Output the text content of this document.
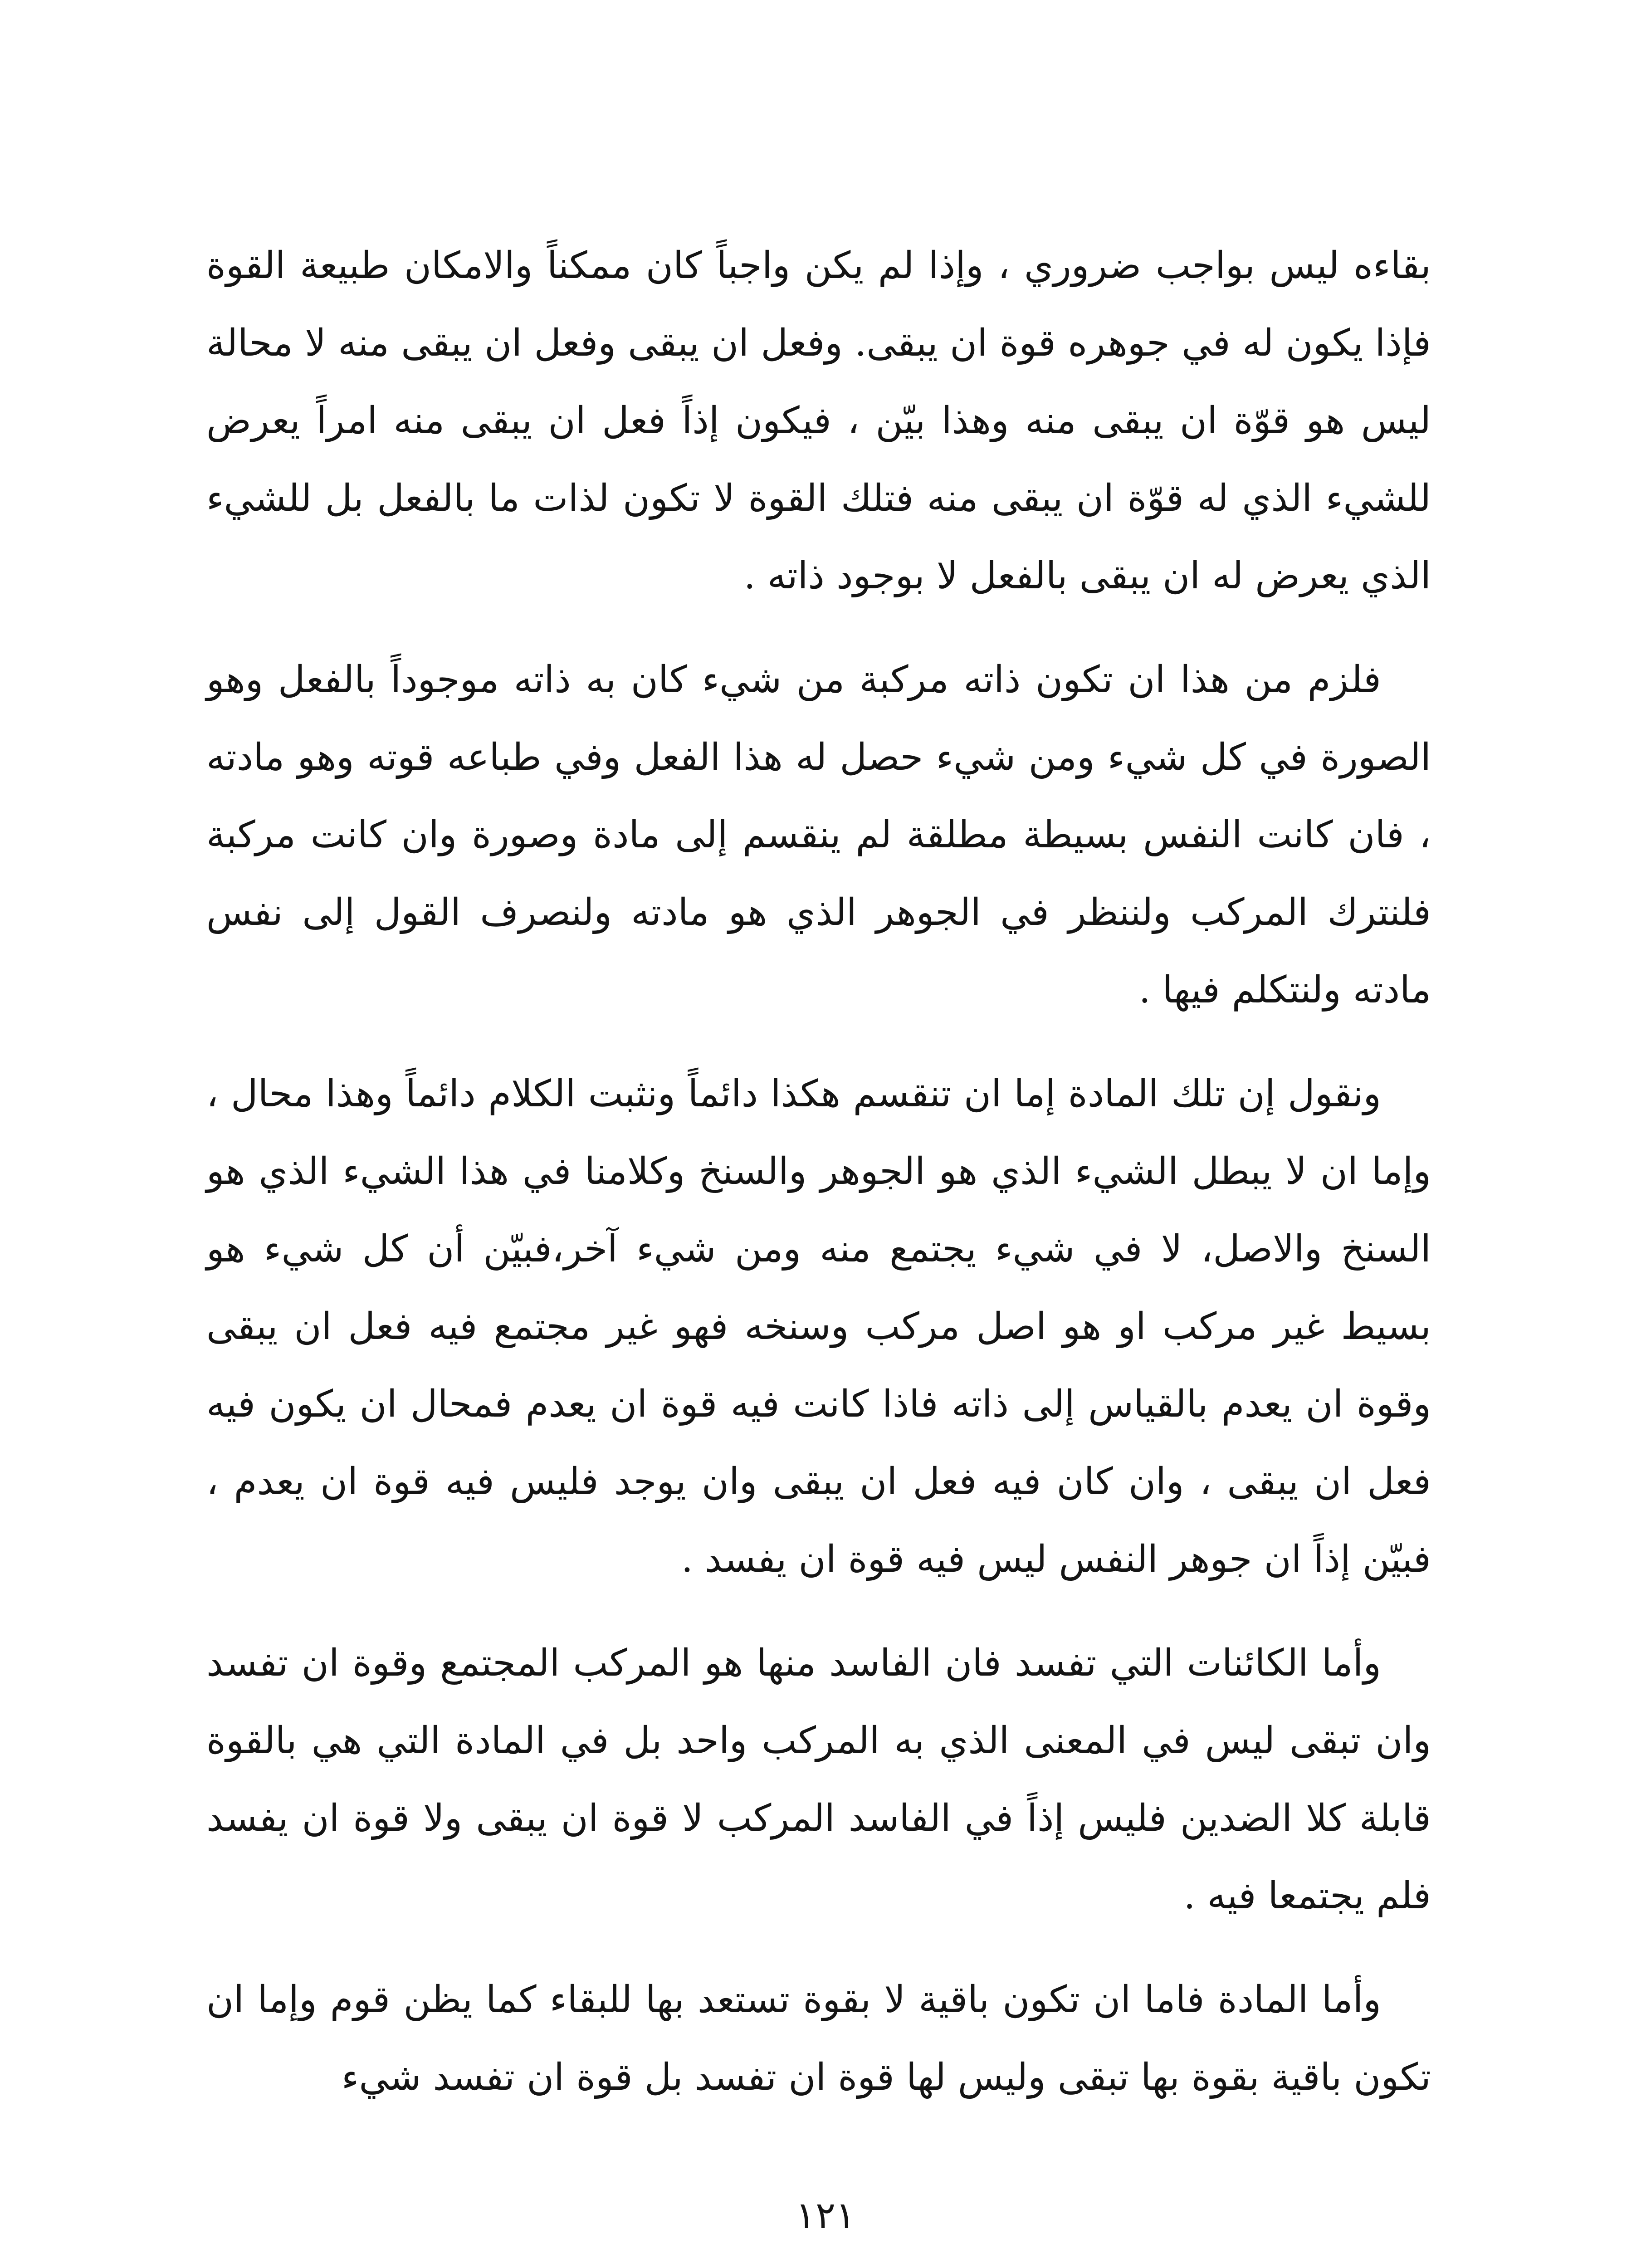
بقاءه ليس بواجب ضروري ، وإذا لم يكن واجباً كان ممكناً والامكان طبيعة القوة فإذا يكون له في جوهره قوة ان يبقى. وفعل ان يبقى وفعل ان يبقى منه لا محالة ليس هو قوّة ان يبقى منه وهذا بيّن ، فيكون إذاً فعل ان يبقى منه امراً يعرض للشيء الذي له قوّة ان يبقى منه فتلك القوة لا تكون لذات ما بالفعل بل للشيء الذي يعرض له ان يبقى بالفعل لا بوجود ذاته .

فلزم من هذا ان تكون ذاته مركبة من شيء كان به ذاته موجوداً بالفعل وهو الصورة في كل شيء ومن شيء حصل له هذا الفعل وفي طباعه قوته وهو مادته ، فان كانت النفس بسيطة مطلقة لم ينقسم إلى مادة وصورة وان كانت مركبة فلنترك المركب ولننظر في الجوهر الذي هو مادته ولنصرف القول إلى نفس مادته ولنتكلم فيها .

ونقول إن تلك المادة إما ان تنقسم هكذا دائماً ونثبت الكلام دائماً وهذا محال ، وإما ان لا يبطل الشيء الذي هو الجوهر والسنخ وكلامنا في هذا الشيء الذي هو السنخ والاصل، لا في شيء يجتمع منه ومن شيء آخر،فبيّن أن كل شيء هو بسيط غير مركب او هو اصل مركب وسنخه فهو غير مجتمع فيه فعل ان يبقى وقوة ان يعدم بالقياس إلى ذاته فاذا كانت فيه قوة ان يعدم فمحال ان يكون فيه فعل ان يبقى ، وان كان فيه فعل ان يبقى وان يوجد فليس فيه قوة ان يعدم ، فبيّن إذاً ان جوهر النفس ليس فيه قوة ان يفسد .

وأما الكائنات التي تفسد فان الفاسد منها هو المركب المجتمع وقوة ان تفسد وان تبقى ليس في المعنى الذي به المركب واحد بل في المادة التي هي بالقوة قابلة كلا الضدين فليس إذاً في الفاسد المركب لا قوة ان يبقى ولا قوة ان يفسد فلم يجتمعا فيه .

وأما المادة فاما ان تكون باقية لا بقوة تستعد بها للبقاء كما يظن قوم وإما ان تكون باقية بقوة بها تبقى وليس لها قوة ان تفسد بل قوة ان تفسد شيء

١٢١
